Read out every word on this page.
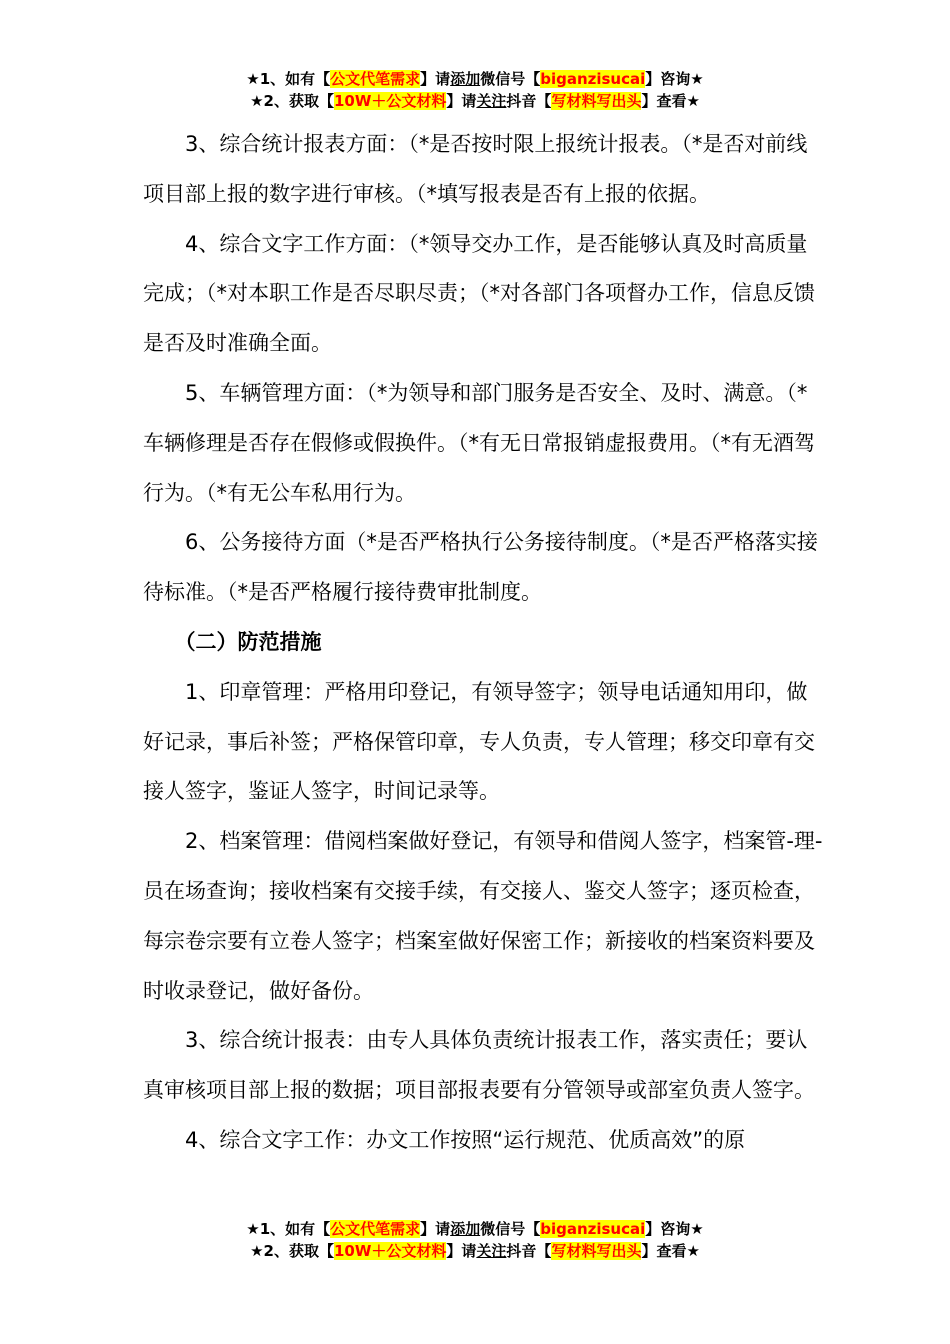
★1、如有【公文代笔需求】请添加微信号【biganzisucai】咨询★
★2、获取【10W＋公文材料】请关注抖音【写材料写出头】查看★

3、综合统计报表方面：（*是否按时限上报统计报表。（*是否对前线项目部上报的数字进行审核。（*填写报表是否有上报的依据。

4、综合文字工作方面：（*领导交办工作，是否能够认真及时高质量完成；（*对本职工作是否尽职尽责；（*对各部门各项督办工作，信息反馈是否及时准确全面。

5、车辆管理方面：（*为领导和部门服务是否安全、及时、满意。（*车辆修理是否存在假修或假换件。（*有无日常报销虚报费用。（*有无酒驾行为。（*有无公车私用行为。

6、公务接待方面（*是否严格执行公务接待制度。（*是否严格落实接待标准。（*是否严格履行接待费审批制度。

（二）防范措施

1、印章管理：严格用印登记，有领导签字；领导电话通知用印，做好记录，事后补签；严格保管印章，专人负责，专人管理；移交印章有交接人签字，鉴证人签字，时间记录等。

2、档案管理：借阅档案做好登记，有领导和借阅人签字，档案管-理-员在场查询；接收档案有交接手续，有交接人、鉴交人签字；逐页检查，每宗卷宗要有立卷人签字；档案室做好保密工作；新接收的档案资料要及时收录登记，做好备份。

3、综合统计报表：由专人具体负责统计报表工作，落实责任；要认真审核项目部上报的数据；项目部报表要有分管领导或部室负责人签字。

4、综合文字工作：办文工作按照“运行规范、优质高效”的原

★1、如有【公文代笔需求】请添加微信号【biganzisucai】咨询★
★2、获取【10W＋公文材料】请关注抖音【写材料写出头】查看★
